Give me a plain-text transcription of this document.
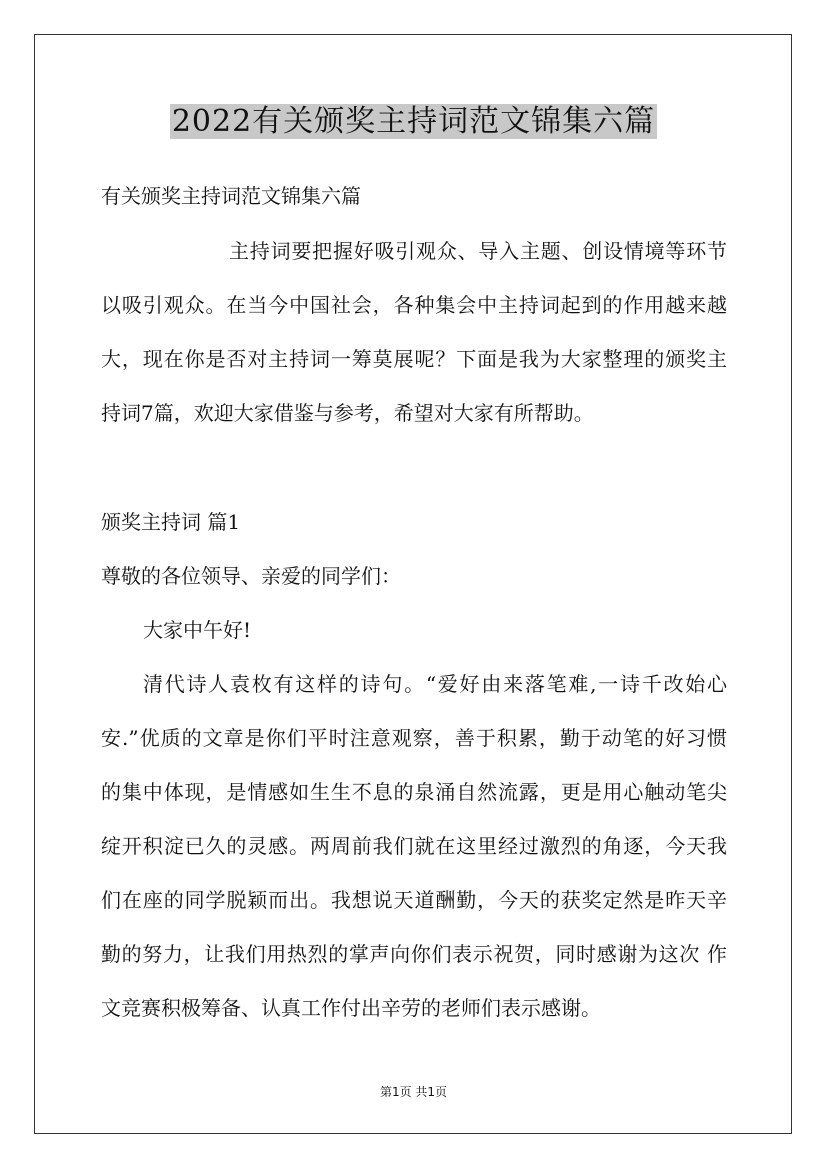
2022有关颁奖主持词范文锦集六篇

有关颁奖主持词范文锦集六篇

主持词要把握好吸引观众、导入主题、创设情境等环节

以吸引观众。在当今中国社会，各种集会中主持词起到的作用越来越

大，现在你是否对主持词一筹莫展呢？下面是我为大家整理的颁奖主

持词7篇，欢迎大家借鉴与参考，希望对大家有所帮助。

颁奖主持词 篇1

尊敬的各位领导、亲爱的同学们：

大家中午好!

清代诗人袁枚有这样的诗句。“爱好由来落笔难,一诗千改始心

安.”优质的文章是你们平时注意观察，善于积累，勤于动笔的好习惯

的集中体现，是情感如生生不息的泉涌自然流露，更是用心触动笔尖

绽开积淀已久的灵感。两周前我们就在这里经过激烈的角逐，今天我

们在座的同学脱颖而出。我想说天道酬勤，今天的获奖定然是昨天辛

勤的努力，让我们用热烈的掌声向你们表示祝贺，同时感谢为这次 作

文竞赛积极筹备、认真工作付出辛劳的老师们表示感谢。

第1页 共1页
